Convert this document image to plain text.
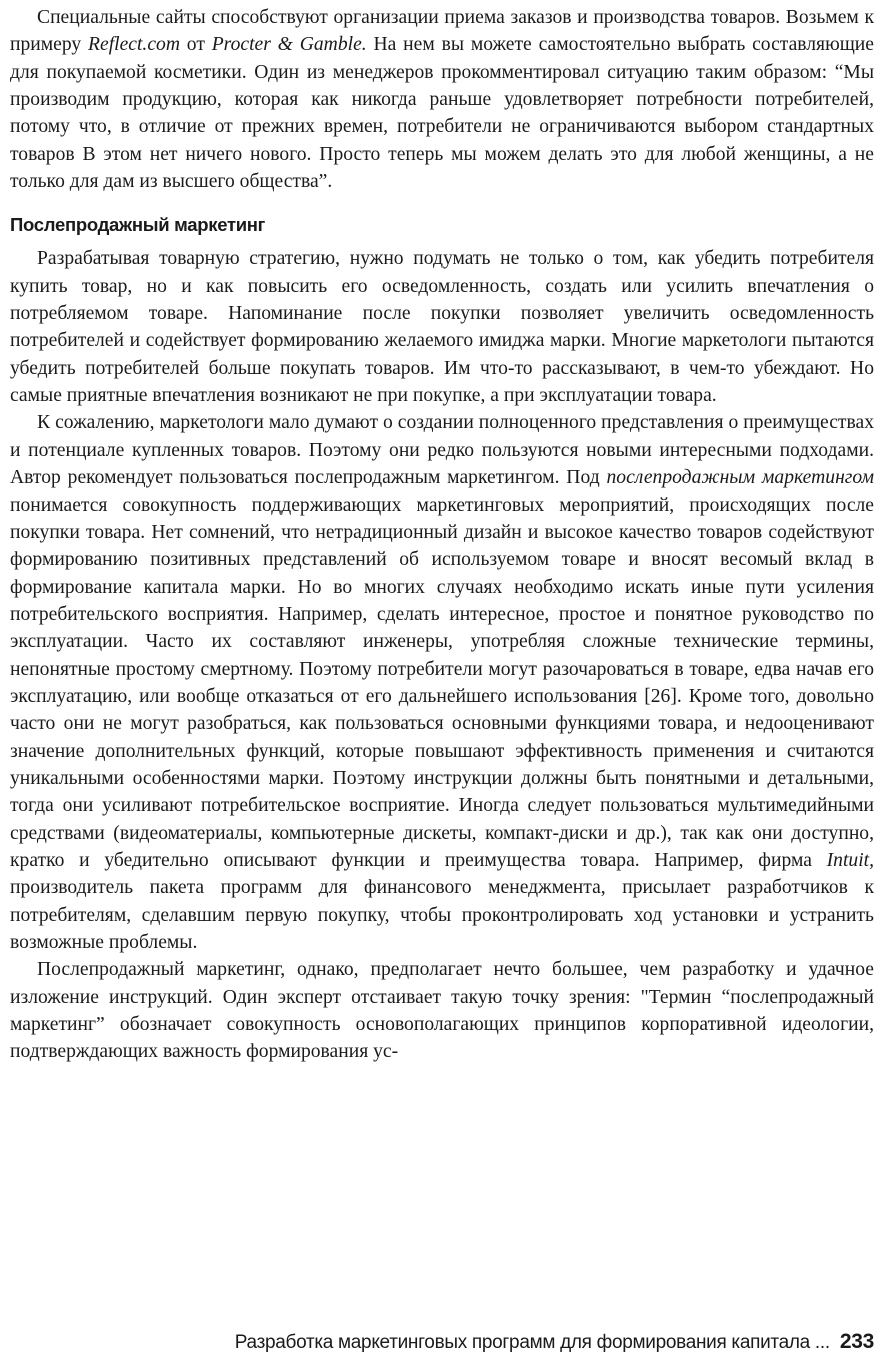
Специальные сайты способствуют организации приема заказов и производства товаров. Возьмем к примеру Reflect.com от Procter & Gamble. На нем вы можете самостоятельно выбрать составляющие для покупаемой косметики. Один из менеджеров прокомментировал ситуацию таким образом: “Мы производим продукцию, которая как никогда раньше удовлетворяет потребности потребителей, потому что, в отличие от прежних времен, потребители не ограничиваются выбором стандартных товаров В этом нет ничего нового. Просто теперь мы можем делать это для любой женщины, а не только для дам из высшего общества”.

Послепродажный маркетинг

Разрабатывая товарную стратегию, нужно подумать не только о том, как убедить потребителя купить товар, но и как повысить его осведомленность, создать или усилить впечатления о потребляемом товаре. Напоминание после покупки позволяет увеличить осведомленность потребителей и содействует формированию желаемого имиджа марки. Многие маркетологи пытаются убедить потребителей больше покупать товаров. Им что-то рассказывают, в чем-то убеждают. Но самые приятные впечатления возникают не при покупке, а при эксплуатации товара.

К сожалению, маркетологи мало думают о создании полноценного представления о преимуществах и потенциале купленных товаров. Поэтому они редко пользуются новыми интересными подходами. Автор рекомендует пользоваться послепродажным маркетингом. Под послепродажным маркетингом понимается совокупность поддерживающих маркетинговых мероприятий, происходящих после покупки товара. Нет сомнений, что нетрадиционный дизайн и высокое качество товаров содействуют формированию позитивных представлений об используемом товаре и вносят весомый вклад в формирование капитала марки. Но во многих случаях необходимо искать иные пути усиления потребительского восприятия. Например, сделать интересное, простое и понятное руководство по эксплуатации. Часто их составляют инженеры, употребляя сложные технические термины, непонятные простому смертному. Поэтому потребители могут разочароваться в товаре, едва начав его эксплуатацию, или вообще отказаться от его дальнейшего использования [26]. Кроме того, довольно часто они не могут разобраться, как пользоваться основными функциями товара, и недооценивают значение дополнительных функций, которые повышают эффективность применения и считаются уникальными особенностями марки. Поэтому инструкции должны быть понятными и детальными, тогда они усиливают потребительское восприятие. Иногда следует пользоваться мультимедийными средствами (видеоматериалы, компьютерные дискеты, компакт-диски и др.), так как они доступно, кратко и убедительно описывают функции и преимущества товара. Например, фирма Intuit, производитель пакета программ для финансового менеджмента, присылает разработчиков к потребителям, сделавшим первую покупку, чтобы проконтролировать ход установки и устранить возможные проблемы.

Послепродажный маркетинг, однако, предполагает нечто большее, чем разработку и удачное изложение инструкций. Один эксперт отстаивает такую точку зрения: "Термин “послепродажный маркетинг” обозначает совокупность основополагающих принципов корпоративной идеологии, подтверждающих важность формирования ус-

Разработка маркетинговых программ для формирования капитала ... 233
